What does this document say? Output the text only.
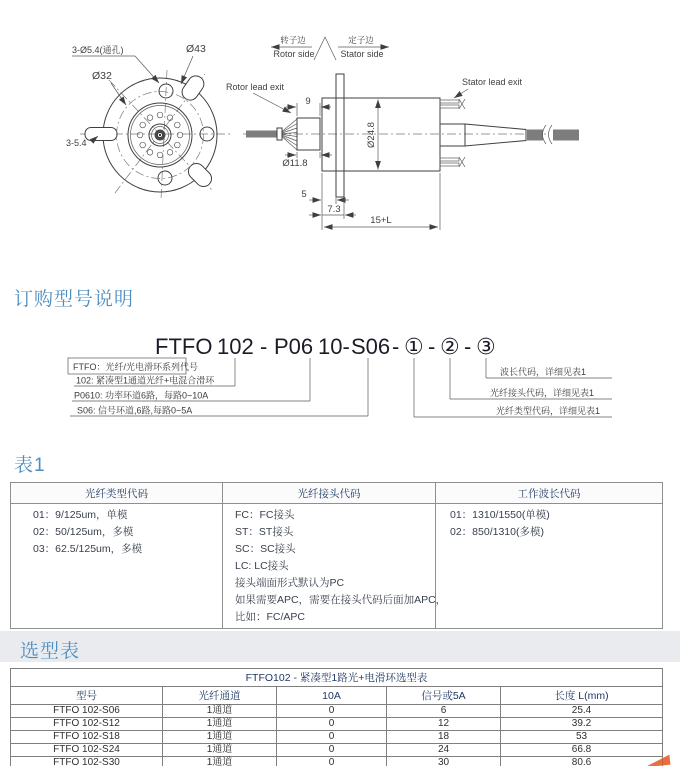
3-Ø5.4(通孔)	Ø43
Ø32
3-5.4
转子边
Rotor side
定子边
Stator side
Rotor lead exit	Stator lead exit
9
Ø11.8
Ø24.8
5
7.3
15+L
订购型号说明
FTFO 102 - P06 10- S06 - ① - ② - ③
FTFO：光纤/光电滑环系列代号
102: 紧凑型1通道光纤+电混合滑环
P0610: 功率环道6路，每路0~10A
S06: 信号环道,6路,每路0~5A
波长代码，详细见表1
光纤接头代码，详细见表1
光纤类型代码，详细见表1
表1
光纤类型代码	光纤接头代码	工作波长代码

01：9/125um，单模
02：50/125um，多模
03：62.5/125um，多模

FC：FC接头
ST：ST接头
SC：SC接头
LC: LC接头
接头端面形式默认为PC
如果需要APC，需要在接头代码后面加APC，
比如：FC/APC

01：1310/1550(单模)
02：850/1310(多模)
选型表
FTFO102 - 紧凑型1路光+电滑环选型表				
型号	光纤通道	10A	信号或5A	长度 L(mm)
FTFO 102-S06	1通道	0	6	25.4
FTFO 102-S12	1通道	0	12	39.2
FTFO 102-S18	1通道	0	18	53
FTFO 102-S24	1通道	0	24	66.8
FTFO 102-S30	1通道	0	30	80.6
